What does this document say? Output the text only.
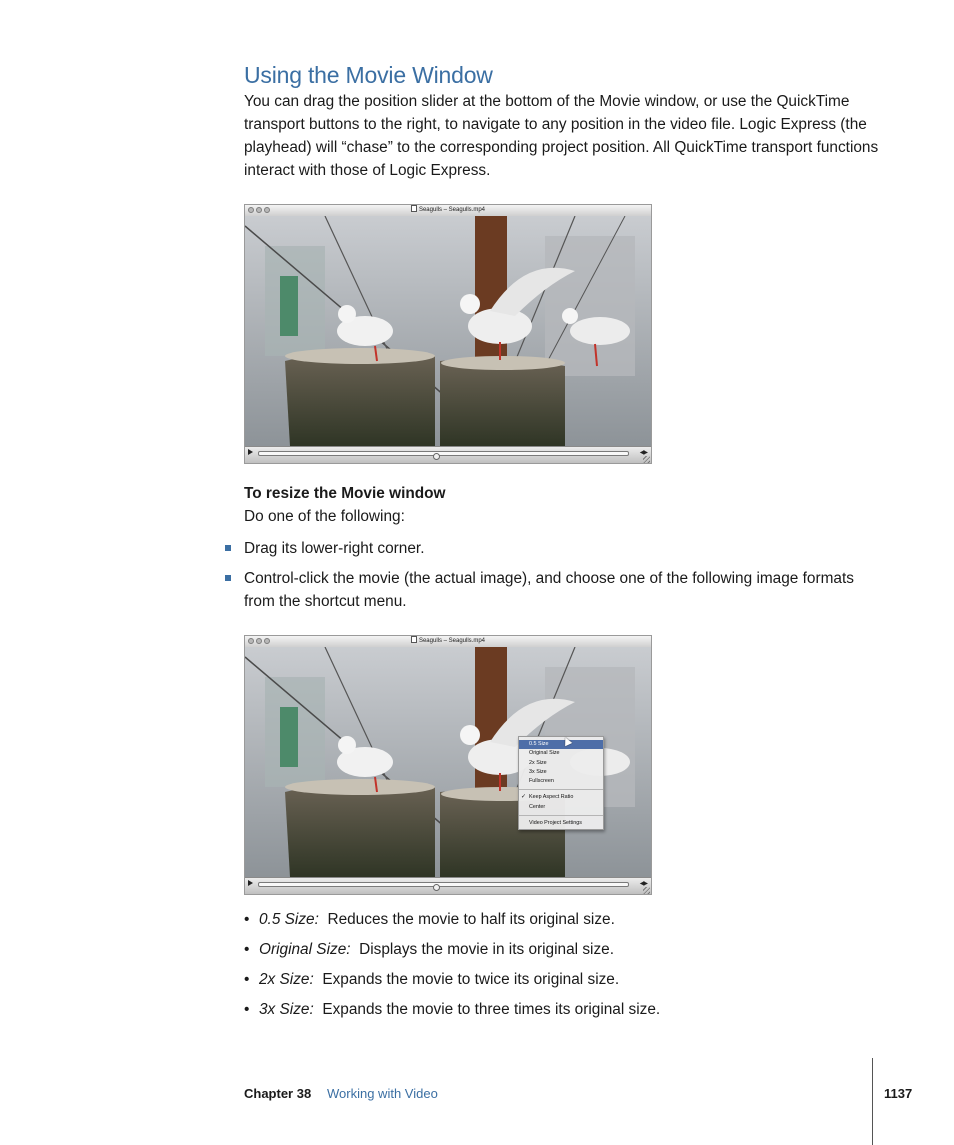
Using the Movie Window

You can drag the position slider at the bottom of the Movie window, or use the QuickTime transport buttons to the right, to navigate to any position in the video file. Logic Express (the playhead) will “chase” to the corresponding project position. All QuickTime transport functions interact with those of Logic Express.

Seagulls – Seagulls.mp4
◀▶

To resize the Movie window

Do one of the following:

Drag its lower-right corner.

Control-click the movie (the actual image), and choose one of the following image formats from the shortcut menu.

Seagulls – Seagulls.mp4
0.5 Size
Original Size
2x Size
3x Size
Fullscreen
✓ Keep Aspect Ratio
Center
Video Project Settings
◀▶

• 0.5 Size: Reduces the movie to half its original size.

• Original Size: Displays the movie in its original size.

• 2x Size: Expands the movie to twice its original size.

• 3x Size: Expands the movie to three times its original size.

Chapter 38 Working with Video	1137
